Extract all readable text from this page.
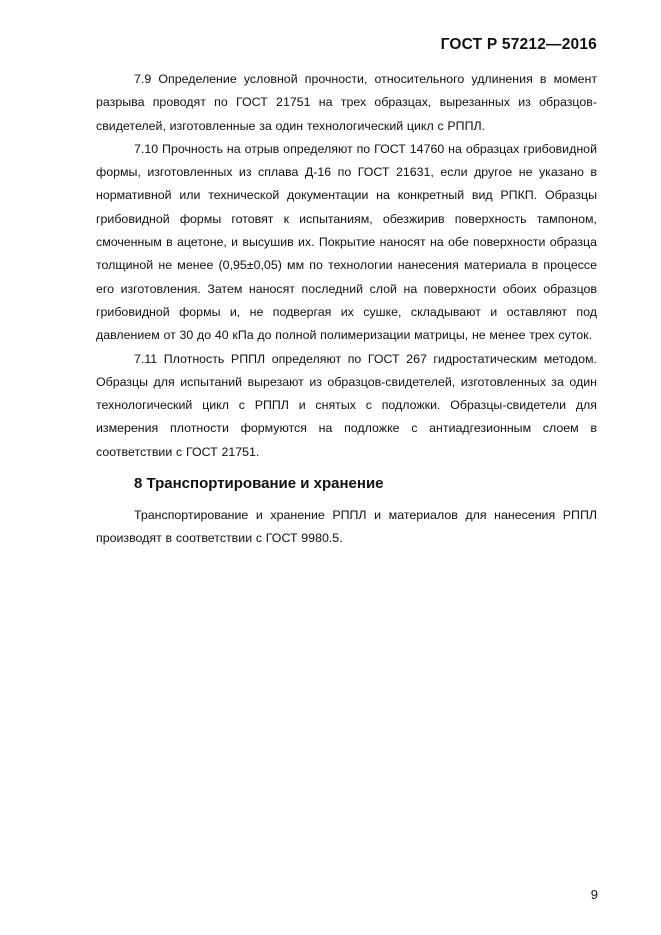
ГОСТ Р 57212—2016

7.9 Определение условной прочности, относительного удлинения в момент разрыва проводят по ГОСТ 21751 на трех образцах, вырезанных из образцов-свидетелей, изготовленные за один технологический цикл с РППЛ.

7.10 Прочность на отрыв определяют по ГОСТ 14760 на образцах грибовидной формы, изготовленных из сплава Д-16 по ГОСТ 21631, если другое не указано в нормативной или технической документации на конкретный вид РПКП. Образцы грибовидной формы готовят к испытаниям, обезжирив поверхность тампоном, смоченным в ацетоне, и высушив их. Покрытие наносят на обе поверхности образца толщиной не менее (0,95±0,05) мм по технологии нанесения материала в процессе его изготовления. Затем наносят последний слой на поверхности обоих образцов грибовидной формы и, не подвергая их сушке, складывают и оставляют под давлением от 30 до 40 кПа до полной полимеризации матрицы, не менее трех суток.

7.11 Плотность РППЛ определяют по ГОСТ 267 гидростатическим методом. Образцы для испытаний вырезают из образцов-свидетелей, изготовленных за один технологический цикл с РППЛ и снятых с подложки. Образцы-свидетели для измерения плотности формуются на подложке с антиадгезионным слоем в соответствии с ГОСТ 21751.

8 Транспортирование и хранение

Транспортирование и хранение РППЛ и материалов для нанесения РППЛ производят в соответствии с ГОСТ 9980.5.

9
